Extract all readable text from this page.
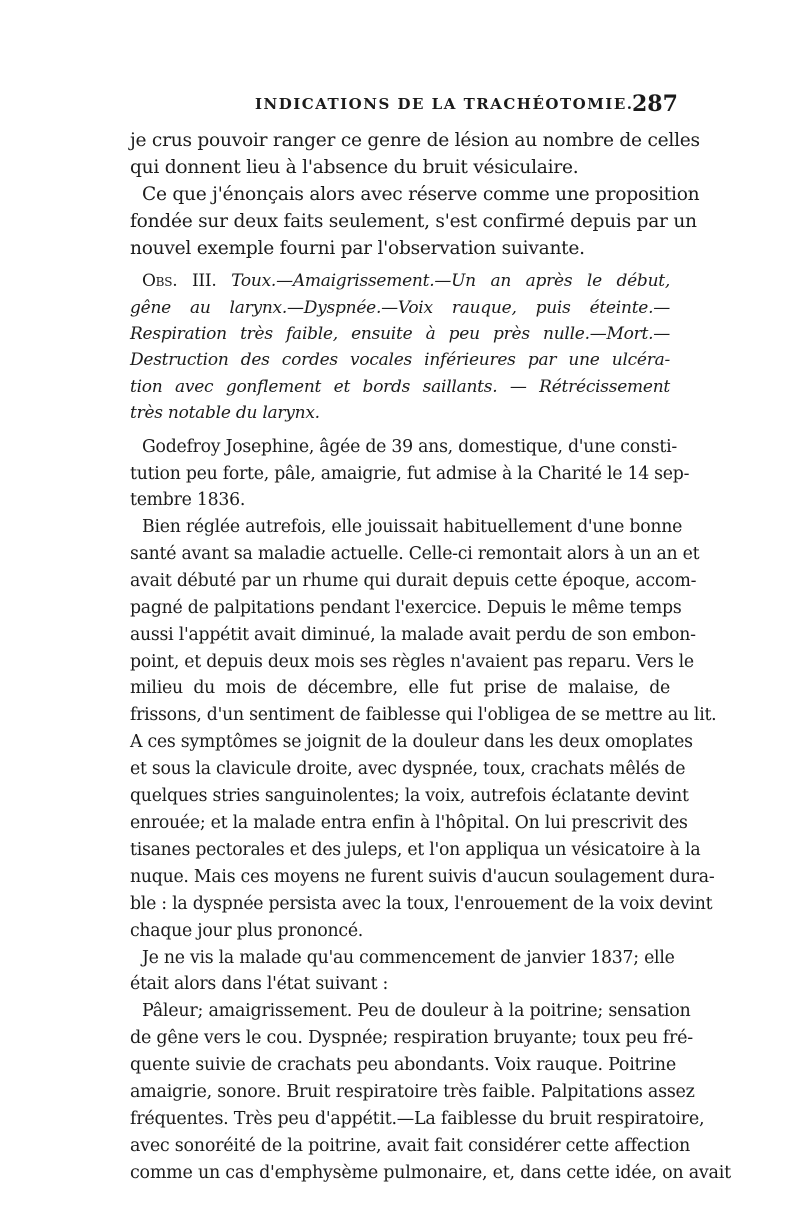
INDICATIONS DE LA TRACHÉOTOMIE.
287
je crus pouvoir ranger ce genre de lésion au nombre de celles
qui donnent lieu à l'absence du bruit vésiculaire.
Ce que j'énonçais alors avec réserve comme une proposition
fondée sur deux faits seulement, s'est confirmé depuis par un
nouvel exemple fourni par l'observation suivante.
Obs. III. Toux.—Amaigrissement.—Un an après le début,
gêne au larynx.—Dyspnée.—Voix rauque, puis éteinte.—
Respiration très faible, ensuite à peu près nulle.—Mort.—
Destruction des cordes vocales inférieures par une ulcéra-
tion avec gonflement et bords saillants. — Rétrécissement
très notable du larynx.
Godefroy Josephine, âgée de 39 ans, domestique, d'une consti-
tution peu forte, pâle, amaigrie, fut admise à la Charité le 14 sep-
tembre 1836.
Bien réglée autrefois, elle jouissait habituellement d'une bonne
santé avant sa maladie actuelle. Celle-ci remontait alors à un an et
avait débuté par un rhume qui durait depuis cette époque, accom-
pagné de palpitations pendant l'exercice. Depuis le même temps
aussi l'appétit avait diminué, la malade avait perdu de son embon-
point, et depuis deux mois ses règles n'avaient pas reparu. Vers le
milieu du mois de décembre, elle fut prise de malaise, de
frissons, d'un sentiment de faiblesse qui l'obligea de se mettre au lit.
A ces symptômes se joignit de la douleur dans les deux omoplates
et sous la clavicule droite, avec dyspnée, toux, crachats mêlés de
quelques stries sanguinolentes; la voix, autrefois éclatante devint
enrouée; et la malade entra enfin à l'hôpital. On lui prescrivit des
tisanes pectorales et des juleps, et l'on appliqua un vésicatoire à la
nuque. Mais ces moyens ne furent suivis d'aucun soulagement dura-
ble : la dyspnée persista avec la toux, l'enrouement de la voix devint
chaque jour plus prononcé.
Je ne vis la malade qu'au commencement de janvier 1837; elle
était alors dans l'état suivant :
Pâleur; amaigrissement. Peu de douleur à la poitrine; sensation
de gêne vers le cou. Dyspnée; respiration bruyante; toux peu fré-
quente suivie de crachats peu abondants. Voix rauque. Poitrine
amaigrie, sonore. Bruit respiratoire très faible. Palpitations assez
fréquentes. Très peu d'appétit.—La faiblesse du bruit respiratoire,
avec sonoréité de la poitrine, avait fait considérer cette affection
comme un cas d'emphysème pulmonaire, et, dans cette idée, on avait
